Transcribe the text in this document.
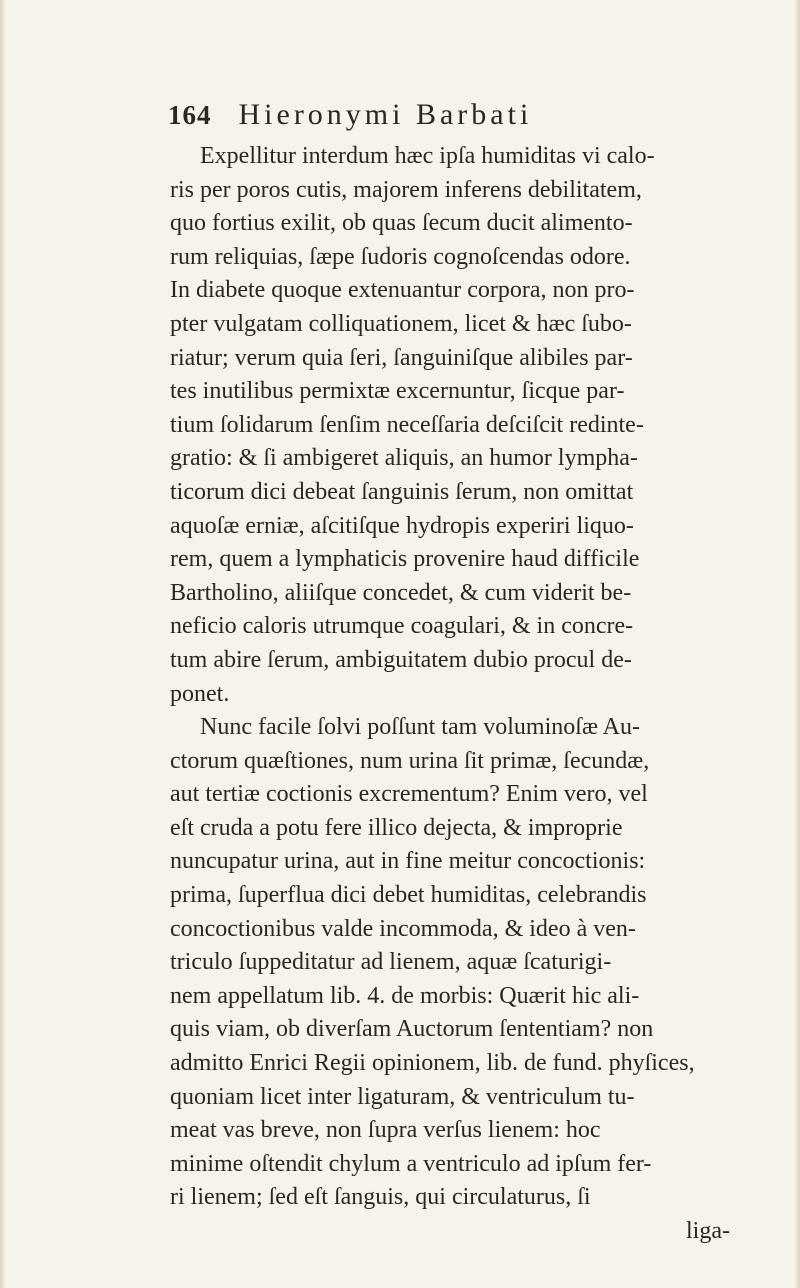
164 Hieronymi Barbati
Expellitur interdum hæc ipſa humiditas vi calo-
ris per poros cutis, majorem inferens debilitatem,
quo fortius exilit, ob quas ſecum ducit alimento-
rum reliquias, ſæpe ſudoris cognoſcendas odore.
In diabete quoque extenuantur corpora, non pro-
pter vulgatam colliquationem, licet & hæc ſubo-
riatur; verum quia ſeri, ſanguiniſque alibiles par-
tes inutilibus permixtæ excernuntur, ſicque par-
tium ſolidarum ſenſim neceſſaria deſciſcit redinte-
gratio: & ſi ambigeret aliquis, an humor lympha-
ticorum dici debeat ſanguinis ſerum, non omittat
aquoſæ erniæ, aſcitiſque hydropis experiri liquo-
rem, quem a lymphaticis provenire haud difficile
Bartholino, aliiſque concedet, & cum viderit be-
neficio caloris utrumque coagulari, & in concre-
tum abire ſerum, ambiguitatem dubio procul de-
ponet.
Nunc facile ſolvi poſſunt tam voluminoſæ Au-
ctorum quæſtiones, num urina ſit primæ, ſecundæ,
aut tertiæ coctionis excrementum? Enim vero, vel
eſt cruda a potu fere illico dejecta, & improprie
nuncupatur urina, aut in fine meitur concoctionis:
prima, ſuperflua dici debet humiditas, celebrandis
concoctionibus valde incommoda, & ideo à ven-
triculo ſuppeditatur ad lienem, aquæ ſcaturigi-
nem appellatum lib. 4. de morbis: Quærit hic ali-
quis viam, ob diverſam Auctorum ſententiam? non
admitto Enrici Regii opinionem, lib. de fund. phyſices,
quoniam licet inter ligaturam, & ventriculum tu-
meat vas breve, non ſupra verſus lienem: hoc
minime oſtendit chylum a ventriculo ad ipſum fer-
ri lienem; ſed eſt ſanguis, qui circulaturus, ſi
liga-
